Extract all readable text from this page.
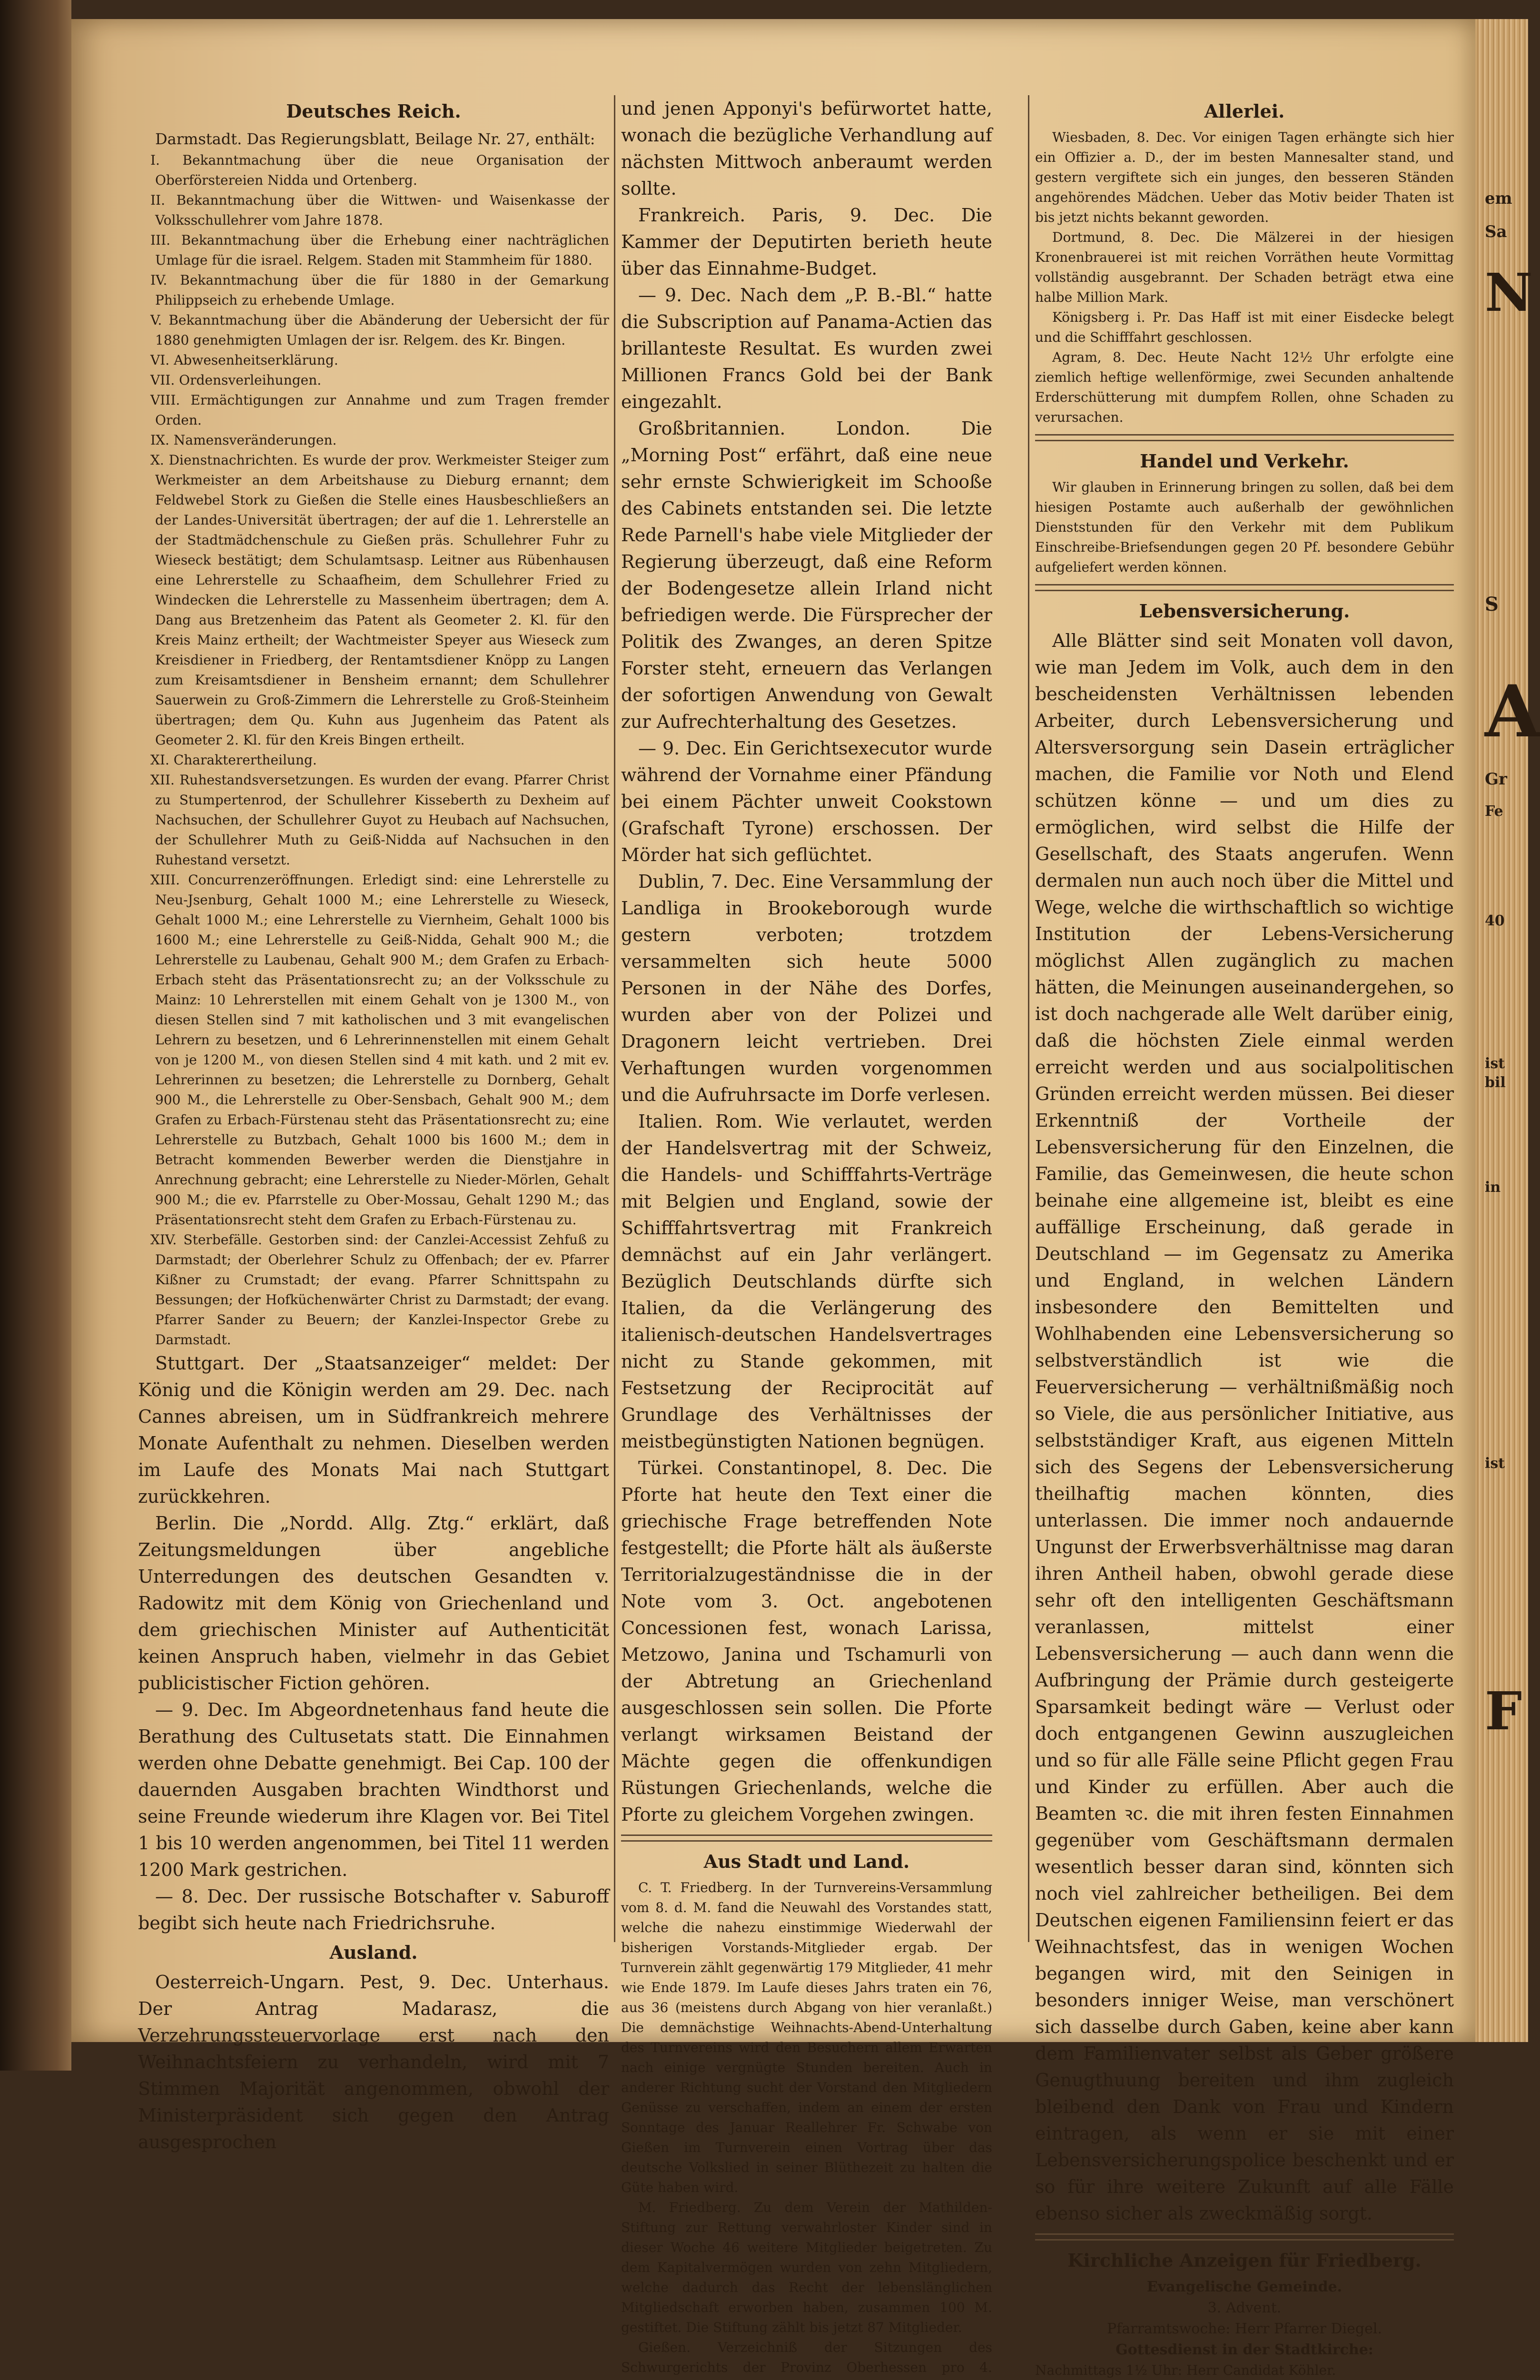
Deutsches Reich.

Darmstadt. Das Regierungsblatt, Beilage Nr. 27, enthält:

I. Bekanntmachung über die neue Organisation der Oberförstereien Nidda und Ortenberg.
II. Bekanntmachung über die Wittwen- und Waisenkasse der Volksschullehrer vom Jahre 1878.
III. Bekanntmachung über die Erhebung einer nachträglichen Umlage für die israel. Relgem. Staden mit Stammheim für 1880.
IV. Bekanntmachung über die für 1880 in der Gemarkung Philippseich zu erhebende Umlage.
V. Bekanntmachung über die Abänderung der Uebersicht der für 1880 genehmigten Umlagen der isr. Relgem. des Kr. Bingen.
VI. Abwesenheitserklärung.
VII. Ordensverleihungen.
VIII. Ermächtigungen zur Annahme und zum Tragen fremder Orden.
IX. Namensveränderungen.
X. Dienstnachrichten. Es wurde der prov. Werkmeister Steiger zum Werkmeister an dem Arbeitshause zu Dieburg ernannt; dem Feldwebel Stork zu Gießen die Stelle eines Hausbeschließers an der Landes-Universität übertragen; der auf die 1. Lehrerstelle an der Stadtmädchenschule zu Gießen präs. Schullehrer Fuhr zu Wieseck bestätigt; dem Schulamtsasp. Leitner aus Rübenhausen eine Lehrerstelle zu Schaafheim, dem Schullehrer Fried zu Windecken die Lehrerstelle zu Massenheim übertragen; dem A. Dang aus Bretzenheim das Patent als Geometer 2. Kl. für den Kreis Mainz ertheilt; der Wachtmeister Speyer aus Wieseck zum Kreisdiener in Friedberg, der Rentamtsdiener Knöpp zu Langen zum Kreisamtsdiener in Bensheim ernannt; dem Schullehrer Sauerwein zu Groß-Zimmern die Lehrerstelle zu Groß-Steinheim übertragen; dem Qu. Kuhn aus Jugenheim das Patent als Geometer 2. Kl. für den Kreis Bingen ertheilt.
XI. Charakterertheilung.
XII. Ruhestandsversetzungen. Es wurden der evang. Pfarrer Christ zu Stumpertenrod, der Schullehrer Kisseberth zu Dexheim auf Nachsuchen, der Schullehrer Guyot zu Heubach auf Nachsuchen, der Schullehrer Muth zu Geiß-Nidda auf Nachsuchen in den Ruhestand versetzt.
XIII. Concurrenzeröffnungen. Erledigt sind: eine Lehrerstelle zu Neu-Jsenburg, Gehalt 1000 M.; eine Lehrerstelle zu Wieseck, Gehalt 1000 M.; eine Lehrerstelle zu Viernheim, Gehalt 1000 bis 1600 M.; eine Lehrerstelle zu Geiß-Nidda, Gehalt 900 M.; die Lehrerstelle zu Laubenau, Gehalt 900 M.; dem Grafen zu Erbach-Erbach steht das Präsentationsrecht zu; an der Volksschule zu Mainz: 10 Lehrerstellen mit einem Gehalt von je 1300 M., von diesen Stellen sind 7 mit katholischen und 3 mit evangelischen Lehrern zu besetzen, und 6 Lehrerinnenstellen mit einem Gehalt von je 1200 M., von diesen Stellen sind 4 mit kath. und 2 mit ev. Lehrerinnen zu besetzen; die Lehrerstelle zu Dornberg, Gehalt 900 M., die Lehrerstelle zu Ober-Sensbach, Gehalt 900 M.; dem Grafen zu Erbach-Fürstenau steht das Präsentationsrecht zu; eine Lehrerstelle zu Butzbach, Gehalt 1000 bis 1600 M.; dem in Betracht kommenden Bewerber werden die Dienstjahre in Anrechnung gebracht; eine Lehrerstelle zu Nieder-Mörlen, Gehalt 900 M.; die ev. Pfarrstelle zu Ober-Mossau, Gehalt 1290 M.; das Präsentationsrecht steht dem Grafen zu Erbach-Fürstenau zu.
XIV. Sterbefälle. Gestorben sind: der Canzlei-Accessist Zehfuß zu Darmstadt; der Oberlehrer Schulz zu Offenbach; der ev. Pfarrer Kißner zu Crumstadt; der evang. Pfarrer Schnittspahn zu Bessungen; der Hofküchenwärter Christ zu Darmstadt; der evang. Pfarrer Sander zu Beuern; der Kanzlei-Inspector Grebe zu Darmstadt.

Stuttgart. Der „Staatsanzeiger“ meldet: Der König und die Königin werden am 29. Dec. nach Cannes abreisen, um in Südfrankreich mehrere Monate Aufenthalt zu nehmen. Dieselben werden im Laufe des Monats Mai nach Stuttgart zurückkehren.

Berlin. Die „Nordd. Allg. Ztg.“ erklärt, daß Zeitungsmeldungen über angebliche Unterredungen des deutschen Gesandten v. Radowitz mit dem König von Griechenland und dem griechischen Minister auf Authenticität keinen Anspruch haben, vielmehr in das Gebiet publicistischer Fiction gehören.

— 9. Dec. Im Abgeordnetenhaus fand heute die Berathung des Cultusetats statt. Die Einnahmen werden ohne Debatte genehmigt. Bei Cap. 100 der dauernden Ausgaben brachten Windthorst und seine Freunde wiederum ihre Klagen vor. Bei Titel 1 bis 10 werden angenommen, bei Titel 11 werden 1200 Mark gestrichen.

— 8. Dec. Der russische Botschafter v. Saburoff begibt sich heute nach Friedrichsruhe.

Ausland.

Oesterreich-Ungarn. Pest, 9. Dec. Unterhaus. Der Antrag Madarasz, die Verzehrungssteuervorlage erst nach den Weihnachtsfeiern zu verhandeln, wird mit 7 Stimmen Majorität angenommen, obwohl der Ministerpräsident sich gegen den Antrag ausgesprochen

und jenen Apponyi's befürwortet hatte, wonach die bezügliche Verhandlung auf nächsten Mittwoch anberaumt werden sollte.

Frankreich. Paris, 9. Dec. Die Kammer der Deputirten berieth heute über das Einnahme-Budget.

— 9. Dec. Nach dem „P. B.-Bl.“ hatte die Subscription auf Panama-Actien das brillanteste Resultat. Es wurden zwei Millionen Francs Gold bei der Bank eingezahlt.

Großbritannien. London. Die „Morning Post“ erfährt, daß eine neue sehr ernste Schwierigkeit im Schooße des Cabinets entstanden sei. Die letzte Rede Parnell's habe viele Mitglieder der Regierung überzeugt, daß eine Reform der Bodengesetze allein Irland nicht befriedigen werde. Die Fürsprecher der Politik des Zwanges, an deren Spitze Forster steht, erneuern das Verlangen der sofortigen Anwendung von Gewalt zur Aufrechterhaltung des Gesetzes.

— 9. Dec. Ein Gerichtsexecutor wurde während der Vornahme einer Pfändung bei einem Pächter unweit Cookstown (Grafschaft Tyrone) erschossen. Der Mörder hat sich geflüchtet.

Dublin, 7. Dec. Eine Versammlung der Landliga in Brookeborough wurde gestern verboten; trotzdem versammelten sich heute 5000 Personen in der Nähe des Dorfes, wurden aber von der Polizei und Dragonern leicht vertrieben. Drei Verhaftungen wurden vorgenommen und die Aufruhrsacte im Dorfe verlesen.

Italien. Rom. Wie verlautet, werden der Handelsvertrag mit der Schweiz, die Handels- und Schifffahrts-Verträge mit Belgien und England, sowie der Schifffahrtsvertrag mit Frankreich demnächst auf ein Jahr verlängert. Bezüglich Deutschlands dürfte sich Italien, da die Verlängerung des italienisch-deutschen Handelsvertrages nicht zu Stande gekommen, mit Festsetzung der Reciprocität auf Grundlage des Verhältnisses der meistbegünstigten Nationen begnügen.

Türkei. Constantinopel, 8. Dec. Die Pforte hat heute den Text einer die griechische Frage betreffenden Note festgestellt; die Pforte hält als äußerste Territorialzugeständnisse die in der Note vom 3. Oct. angebotenen Concessionen fest, wonach Larissa, Metzowo, Janina und Tschamurli von der Abtretung an Griechenland ausgeschlossen sein sollen. Die Pforte verlangt wirksamen Beistand der Mächte gegen die offenkundigen Rüstungen Griechenlands, welche die Pforte zu gleichem Vorgehen zwingen.

Aus Stadt und Land.

C. T. Friedberg. In der Turnvereins-Versammlung vom 8. d. M. fand die Neuwahl des Vorstandes statt, welche die nahezu einstimmige Wiederwahl der bisherigen Vorstands-Mitglieder ergab. Der Turnverein zählt gegenwärtig 179 Mitglieder, 41 mehr wie Ende 1879. Im Laufe dieses Jahrs traten ein 76, aus 36 (meistens durch Abgang von hier veranlaßt.) Die demnächstige Weihnachts-Abend-Unterhaltung des Turnvereins wird den Besuchern allem Erwarten nach einige vergnügte Stunden bereiten. Auch in anderer Richtung sucht der Vorstand den Mitgliedern Genüsse zu verschaffen, indem an einem der ersten Sonntage des Januar Reallehrer Fr. Schwabe von Gießen im Turnverein einen Vortrag über das deutsche Volkslied in seiner Blüthezeit zu halten die Güte haben wird.

M. Friedberg. Zu dem Verein der Mathilden-Stiftung zur Rettung verwahrloster Kinder sind in dieser Woche 46 weitere Mitglieder beigetreten. Zu dem Kapitalvermögen wurden von zehn Mitgliedern, welche dadurch das Recht der lebenslänglichen Mitgliedschaft erworben haben, zusammen 100 M. gestiftet. Die Stiftung zählt bis jetzt 87 Mitglieder.

Gießen. Verzeichniß der Sitzungen des Schwurgerichts der Provinz Oberhessen pro 4.

Allerlei.

Wiesbaden, 8. Dec. Vor einigen Tagen erhängte sich hier ein Offizier a. D., der im besten Mannesalter stand, und gestern vergiftete sich ein junges, den besseren Ständen angehörendes Mädchen. Ueber das Motiv beider Thaten ist bis jetzt nichts bekannt geworden.

Dortmund, 8. Dec. Die Mälzerei in der hiesigen Kronenbrauerei ist mit reichen Vorräthen heute Vormittag vollständig ausgebrannt. Der Schaden beträgt etwa eine halbe Million Mark.

Königsberg i. Pr. Das Haff ist mit einer Eisdecke belegt und die Schifffahrt geschlossen.

Agram, 8. Dec. Heute Nacht 12½ Uhr erfolgte eine ziemlich heftige wellenförmige, zwei Secunden anhaltende Erderschütterung mit dumpfem Rollen, ohne Schaden zu verursachen.

Handel und Verkehr.

Wir glauben in Erinnerung bringen zu sollen, daß bei dem hiesigen Postamte auch außerhalb der gewöhnlichen Dienststunden für den Verkehr mit dem Publikum Einschreibe-Briefsendungen gegen 20 Pf. besondere Gebühr aufgeliefert werden können.

Lebensversicherung.

Alle Blätter sind seit Monaten voll davon, wie man Jedem im Volk, auch dem in den bescheidensten Verhältnissen lebenden Arbeiter, durch Lebensversicherung und Altersversorgung sein Dasein erträglicher machen, die Familie vor Noth und Elend schützen könne — und um dies zu ermöglichen, wird selbst die Hilfe der Gesellschaft, des Staats angerufen. Wenn dermalen nun auch noch über die Mittel und Wege, welche die wirthschaftlich so wichtige Institution der Lebens-Versicherung möglichst Allen zugänglich zu machen hätten, die Meinungen auseinandergehen, so ist doch nachgerade alle Welt darüber einig, daß die höchsten Ziele einmal werden erreicht werden und aus socialpolitischen Gründen erreicht werden müssen. Bei dieser Erkenntniß der Vortheile der Lebensversicherung für den Einzelnen, die Familie, das Gemeinwesen, die heute schon beinahe eine allgemeine ist, bleibt es eine auffällige Erscheinung, daß gerade in Deutschland — im Gegensatz zu Amerika und England, in welchen Ländern insbesondere den Bemittelten und Wohlhabenden eine Lebensversicherung so selbstverständlich ist wie die Feuerversicherung — verhältnißmäßig noch so Viele, die aus persönlicher Initiative, aus selbstständiger Kraft, aus eigenen Mitteln sich des Segens der Lebensversicherung theilhaftig machen könnten, dies unterlassen. Die immer noch andauernde Ungunst der Erwerbsverhältnisse mag daran ihren Antheil haben, obwohl gerade diese sehr oft den intelligenten Geschäftsmann veranlassen, mittelst einer Lebensversicherung — auch dann wenn die Aufbringung der Prämie durch gesteigerte Sparsamkeit bedingt wäre — Verlust oder doch entgangenen Gewinn auszugleichen und so für alle Fälle seine Pflicht gegen Frau und Kinder zu erfüllen. Aber auch die Beamten ꝛc. die mit ihren festen Einnahmen gegenüber vom Geschäftsmann dermalen wesentlich besser daran sind, könnten sich noch viel zahlreicher betheiligen. Bei dem Deutschen eigenen Familiensinn feiert er das Weihnachtsfest, das in wenigen Wochen begangen wird, mit den Seinigen in besonders inniger Weise, man verschönert sich dasselbe durch Gaben, keine aber kann dem Familienvater selbst als Geber größere Genugthuung bereiten und ihm zugleich bleibend den Dank von Frau und Kindern eintragen, als wenn er sie mit einer Lebensversicherungspolice beschenkt und er so für ihre weitere Zukunft auf alle Fälle ebenso sicher als zweckmäßig sorgt.

Kirchliche Anzeigen für Friedberg.
Evangelische Gemeinde.
3. Advent.
Pfarramtswoche: Herr Pfarrer Diegel.
Gottesdienst in der Stadtkirche:
Nachmittags 1½ Uhr: Herr Candidat Köhler.
em
Sa
N
S
A
Gr
Fe
40
ist
bil
in
ist
F
